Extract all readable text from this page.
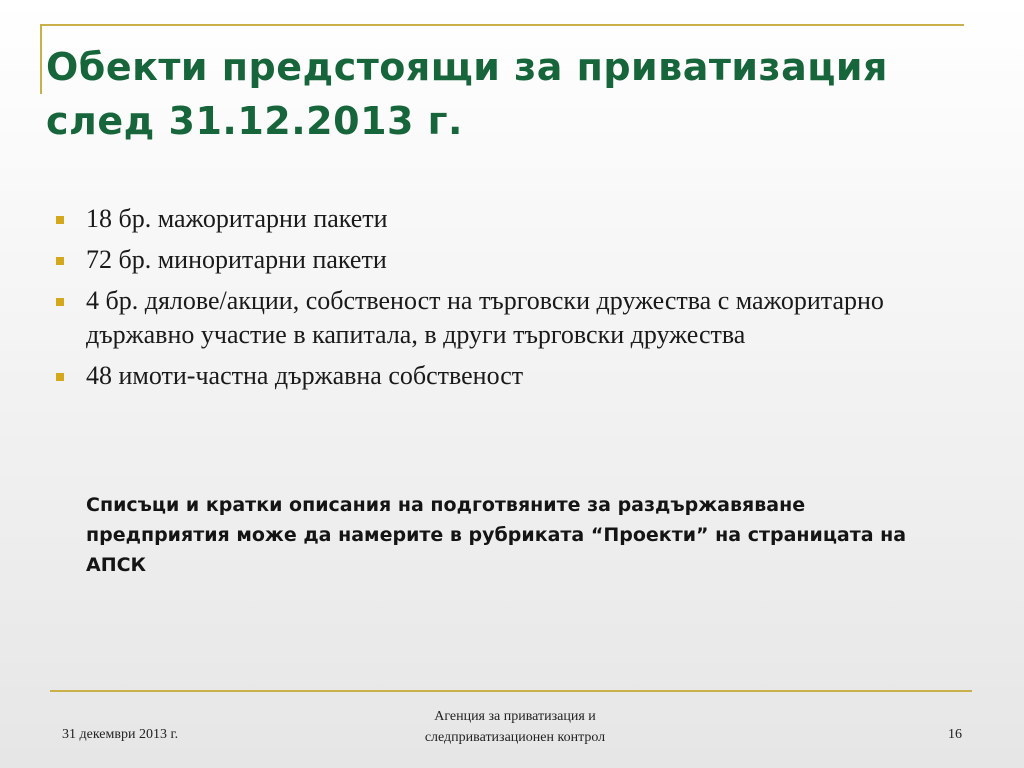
Обекти предстоящи за приватизация
след 31.12.2013 г.
18 бр. мажоритарни пакети
72 бр. миноритарни пакети
4 бр. дялове/акции, собственост на търговски дружества с мажоритарно държавно участие в капитала, в други търговски дружества
48 имоти-частна държавна собственост

Списъци и кратки описания на подготвяните за раздържавяване предприятия може да намерите в рубриката “Проекти” на страницата на АПСК

31 декември 2013 г.
Агенция за приватизация и
следприватизационен контрол	16
